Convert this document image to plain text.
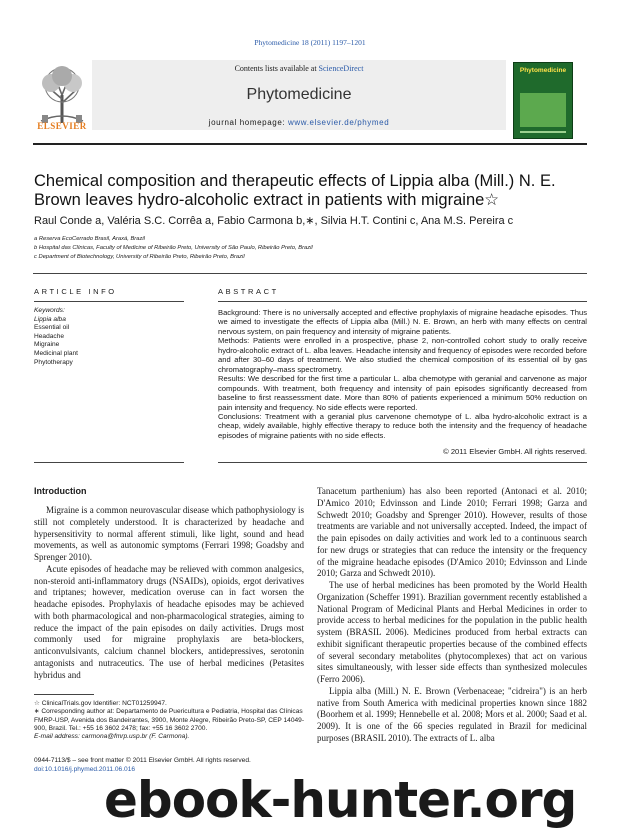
Phytomedicine 18 (2011) 1197–1201
ELSEVIER
Contents lists available at ScienceDirect
Phytomedicine
journal homepage: www.elsevier.de/phymed
Phytomedicine
Chemical composition and therapeutic effects of Lippia alba (Mill.) N. E. Brown leaves hydro-alcoholic extract in patients with migraine☆
Raul Conde a, Valéria S.C. Corrêa a, Fabio Carmona b,∗, Silvia H.T. Contini c, Ana M.S. Pereira c
a Reserva EcoCerrado Brasil, Araxá, Brazil
b Hospital das Clínicas, Faculty of Medicine of Ribeirão Preto, University of São Paulo, Ribeirão Preto, Brazil
c Department of Biotechnology, University of Ribeirão Preto, Ribeirão Preto, Brazil
ARTICLE INFO
Keywords:
Lippia alba
Essential oil
Headache
Migraine
Medicinal plant
Phytotherapy
ABSTRACT

Background: There is no universally accepted and effective prophylaxis of migraine headache episodes. Thus we aimed to investigate the effects of Lippia alba (Mill.) N. E. Brown, an herb with many effects on central nervous system, on pain frequency and intensity of migraine patients.

Methods: Patients were enrolled in a prospective, phase 2, non-controlled cohort study to orally receive hydro-alcoholic extract of L. alba leaves. Headache intensity and frequency of episodes were recorded before and after 30–60 days of treatment. We also studied the chemical composition of its essential oil by gas chromatography–mass spectrometry.

Results: We described for the first time a particular L. alba chemotype with geranial and carvenone as major compounds. With treatment, both frequency and intensity of pain episodes significantly decreased from baseline to first reassessment date. More than 80% of patients experienced a minimum 50% reduction on pain intensity and frequency. No side effects were reported.

Conclusions: Treatment with a geranial plus carvenone chemotype of L. alba hydro-alcoholic extract is a cheap, widely available, highly effective therapy to reduce both the intensity and the frequency of headache episodes of migraine patients with no side effects.

© 2011 Elsevier GmbH. All rights reserved.
Introduction

Migraine is a common neurovascular disease which pathophysiology is still not completely understood. It is characterized by headache and hypersensitivity to normal afferent stimuli, like light, sound and head movements, as well as autonomic symptoms (Ferrari 1998; Goadsby and Sprenger 2010).

Acute episodes of headache may be relieved with common analgesics, non-steroid anti-inflammatory drugs (NSAIDs), opioids, ergot derivatives and triptanes; however, medication overuse can in fact worsen the headache episodes. Prophylaxis of headache episodes may be achieved with both pharmacological and non-pharmacological strategies, aiming to reduce the impact of the pain episodes on daily activities. Drugs most commonly used for migraine prophylaxis are beta-blockers, anticonvulsivants, calcium channel blockers, antidepressives, serotonin antagonists and nutraceutics. The use of herbal medicines (Petasites hybridus and

Tanacetum parthenium) has also been reported (Antonaci et al. 2010; D'Amico 2010; Edvinsson and Linde 2010; Ferrari 1998; Garza and Schwedt 2010; Goadsby and Sprenger 2010). However, results of those treatments are variable and not universally accepted. Indeed, the impact of the pain episodes on daily activities and work led to a continuous search for new drugs or strategies that can reduce the intensity or the frequency of the migraine headache episodes (D'Amico 2010; Edvinsson and Linde 2010; Garza and Schwedt 2010).

The use of herbal medicines has been promoted by the World Health Organization (Scheffer 1991). Brazilian government recently established a National Program of Medicinal Plants and Herbal Medicines in order to provide access to herbal medicines for the population in the public health system (BRASIL 2006). Medicines produced from herbal extracts can exhibit significant therapeutic properties because of the combined effects of several secondary metabolites (phytocomplexes) that act on various sites simultaneously, with lesser side effects than synthesized molecules (Ferro 2006).

Lippia alba (Mill.) N. E. Brown (Verbenaceae; "cidreira") is an herb native from South America with medicinal properties known since 1882 (Boorhem et al. 1999; Hennebelle et al. 2008; Mors et al. 2000; Saad et al. 2009). It is one of the 66 species regulated in Brazil for medicinal purposes (BRASIL 2010). The extracts of L. alba

☆ ClinicalTrials.gov Identifier: NCT01259947.

∗ Corresponding author at: Departamento de Puericultura e Pediatria, Hospital das Clínicas FMRP-USP, Avenida dos Bandeirantes, 3900, Monte Alegre, Ribeirão Preto-SP, CEP 14049-900, Brazil. Tel.: +55 16 3602 2478; fax: +55 16 3602 2700.

E-mail address: carmona@fmrp.usp.br (F. Carmona).

0944-7113/$ – see front matter © 2011 Elsevier GmbH. All rights reserved.
doi:10.1016/j.phymed.2011.06.016
ebook-hunter.org
